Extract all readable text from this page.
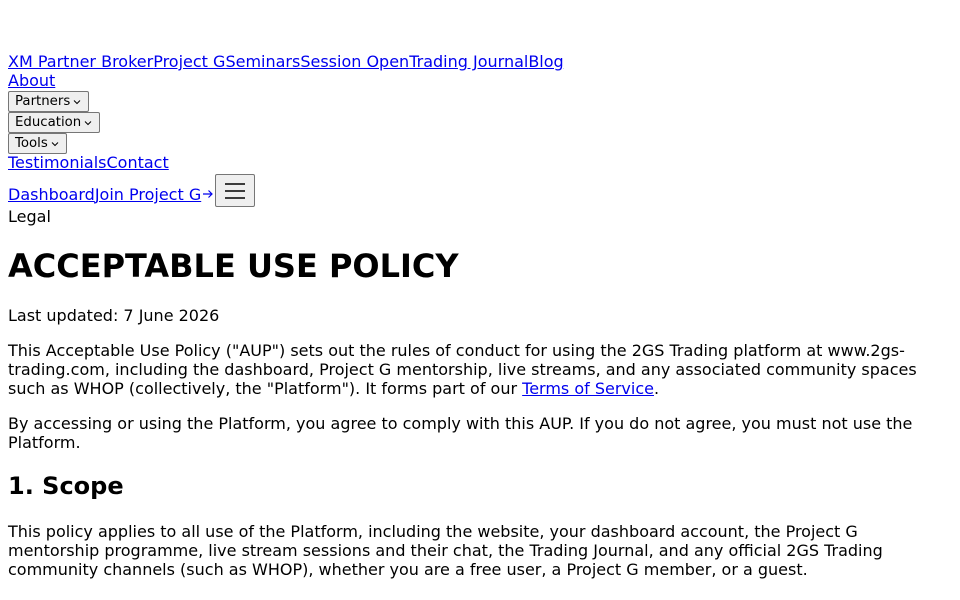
XM Partner BrokerProject GSeminarsSession OpenTrading JournalBlog
About
Partners
Education
Tools
TestimonialsContact
Dashboard Join Project G

Legal

ACCEPTABLE USE POLICY

Last updated: 7 June 2026

This Acceptable Use Policy ("AUP") sets out the rules of conduct for using the 2GS Trading platform at www.2gs-trading.com, including the dashboard, Project G mentorship, live streams, and any associated community spaces such as WHOP (collectively, the "Platform"). It forms part of our Terms of Service.

By accessing or using the Platform, you agree to comply with this AUP. If you do not agree, you must not use the Platform.

1. Scope

This policy applies to all use of the Platform, including the website, your dashboard account, the Project G mentorship programme, live stream sessions and their chat, the Trading Journal, and any official 2GS Trading community channels (such as WHOP), whether you are a free user, a Project G member, or a guest.
